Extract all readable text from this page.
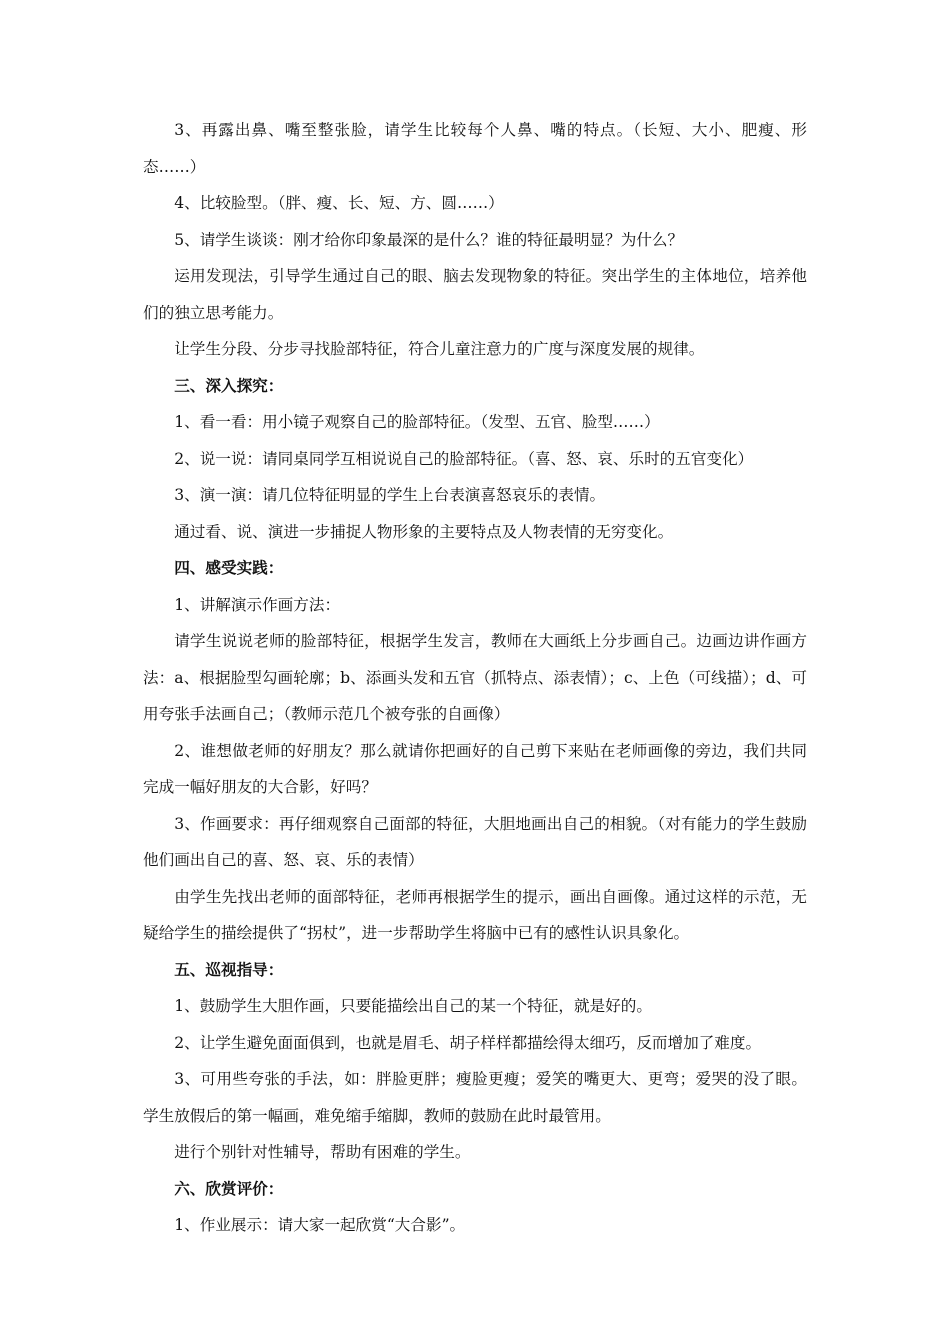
3、再露出鼻、嘴至整张脸，请学生比较每个人鼻、嘴的特点。（长短、大小、肥瘦、形态……）

4、比较脸型。（胖、瘦、长、短、方、圆……）

5、请学生谈谈：刚才给你印象最深的是什么？谁的特征最明显？为什么？

运用发现法，引导学生通过自己的眼、脑去发现物象的特征。突出学生的主体地位，培养他们的独立思考能力。

让学生分段、分步寻找脸部特征，符合儿童注意力的广度与深度发展的规律。

三、深入探究：

1、看一看：用小镜子观察自己的脸部特征。（发型、五官、脸型……）

2、说一说：请同桌同学互相说说自己的脸部特征。（喜、怒、哀、乐时的五官变化）

3、演一演：请几位特征明显的学生上台表演喜怒哀乐的表情。

通过看、说、演进一步捕捉人物形象的主要特点及人物表情的无穷变化。

四、感受实践：

1、讲解演示作画方法：

请学生说说老师的脸部特征，根据学生发言，教师在大画纸上分步画自己。边画边讲作画方法：a、根据脸型勾画轮廓；b、添画头发和五官（抓特点、添表情）；c、上色（可线描）；d、可用夸张手法画自己；（教师示范几个被夸张的自画像）

2、谁想做老师的好朋友？那么就请你把画好的自己剪下来贴在老师画像的旁边，我们共同完成一幅好朋友的大合影，好吗？

3、作画要求：再仔细观察自己面部的特征，大胆地画出自己的相貌。（对有能力的学生鼓励他们画出自己的喜、怒、哀、乐的表情）

由学生先找出老师的面部特征，老师再根据学生的提示，画出自画像。通过这样的示范，无疑给学生的描绘提供了“拐杖”，进一步帮助学生将脑中已有的感性认识具象化。

五、巡视指导：

1、鼓励学生大胆作画，只要能描绘出自己的某一个特征，就是好的。

2、让学生避免面面俱到，也就是眉毛、胡子样样都描绘得太细巧，反而增加了难度。

3、可用些夸张的手法，如：胖脸更胖；瘦脸更瘦；爱笑的嘴更大、更弯；爱哭的没了眼。学生放假后的第一幅画，难免缩手缩脚，教师的鼓励在此时最管用。

进行个别针对性辅导，帮助有困难的学生。

六、欣赏评价：

1、作业展示：请大家一起欣赏“大合影”。
